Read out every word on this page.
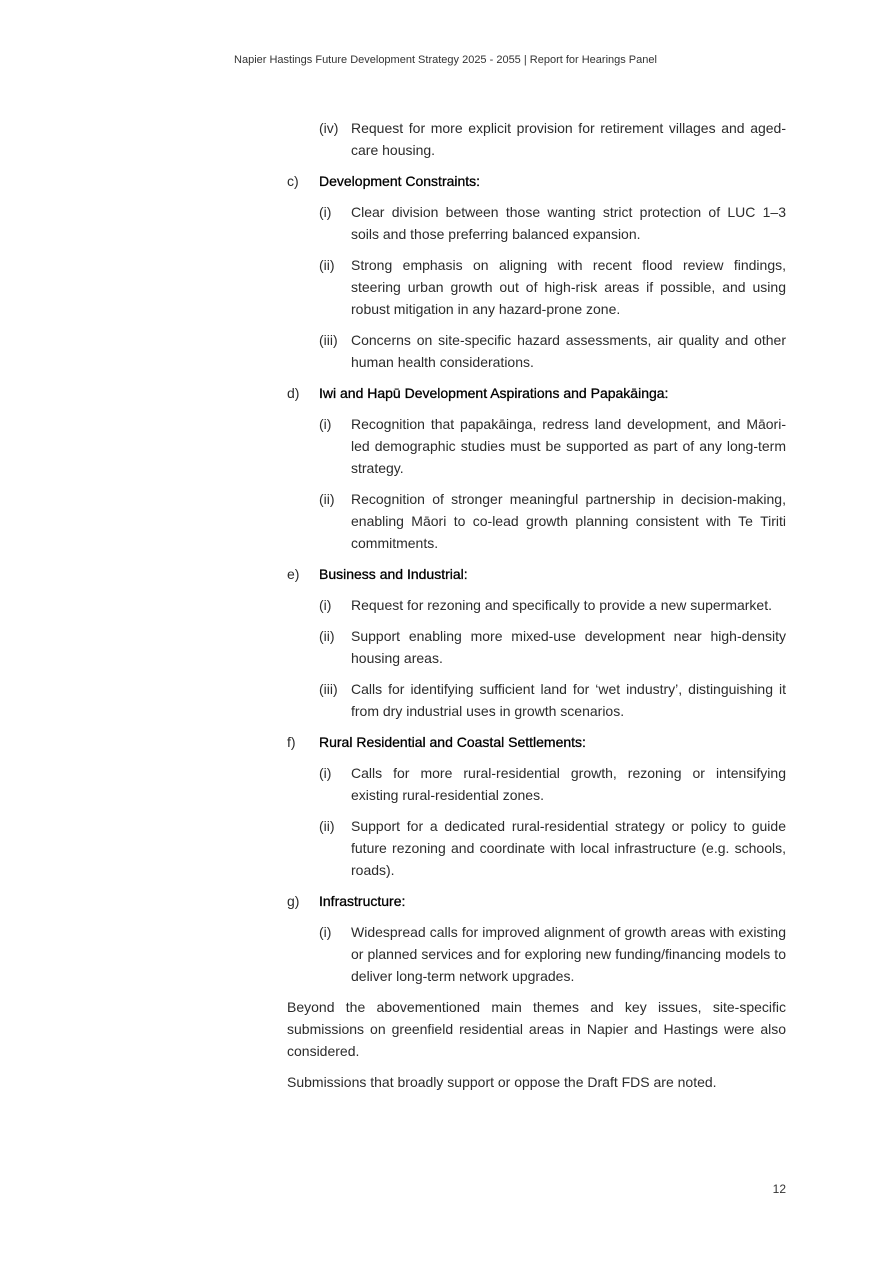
Napier Hastings Future Development Strategy 2025 - 2055 | Report for Hearings Panel
(iv) Request for more explicit provision for retirement villages and aged-care housing.
c)	Development Constraints:
(i)	Clear division between those wanting strict protection of LUC 1–3 soils and those preferring balanced expansion.
(ii)	Strong emphasis on aligning with recent flood review findings, steering urban growth out of high-risk areas if possible, and using robust mitigation in any hazard-prone zone.
(iii) Concerns on site-specific hazard assessments, air quality and other human health considerations.
d)	Iwi and Hapū Development Aspirations and Papakāinga:
(i)	Recognition that papakāinga, redress land development, and Māori-led demographic studies must be supported as part of any long-term strategy.
(ii)	Recognition of stronger meaningful partnership in decision-making, enabling Māori to co-lead growth planning consistent with Te Tiriti commitments.
e)	Business and Industrial:
(i)	Request for rezoning and specifically to provide a new supermarket.
(ii)	Support enabling more mixed-use development near high-density housing areas.
(iii) Calls for identifying sufficient land for ‘wet industry’, distinguishing it from dry industrial uses in growth scenarios.
f)	Rural Residential and Coastal Settlements:
(i)	Calls for more rural-residential growth, rezoning or intensifying existing rural-residential zones.
(ii)	Support for a dedicated rural-residential strategy or policy to guide future rezoning and coordinate with local infrastructure (e.g. schools, roads).
g)	Infrastructure:
(i)	Widespread calls for improved alignment of growth areas with existing or planned services and for exploring new funding/financing models to deliver long-term network upgrades.

Beyond the abovementioned main themes and key issues, site-specific submissions on greenfield residential areas in Napier and Hastings were also considered.

Submissions that broadly support or oppose the Draft FDS are noted.

12
